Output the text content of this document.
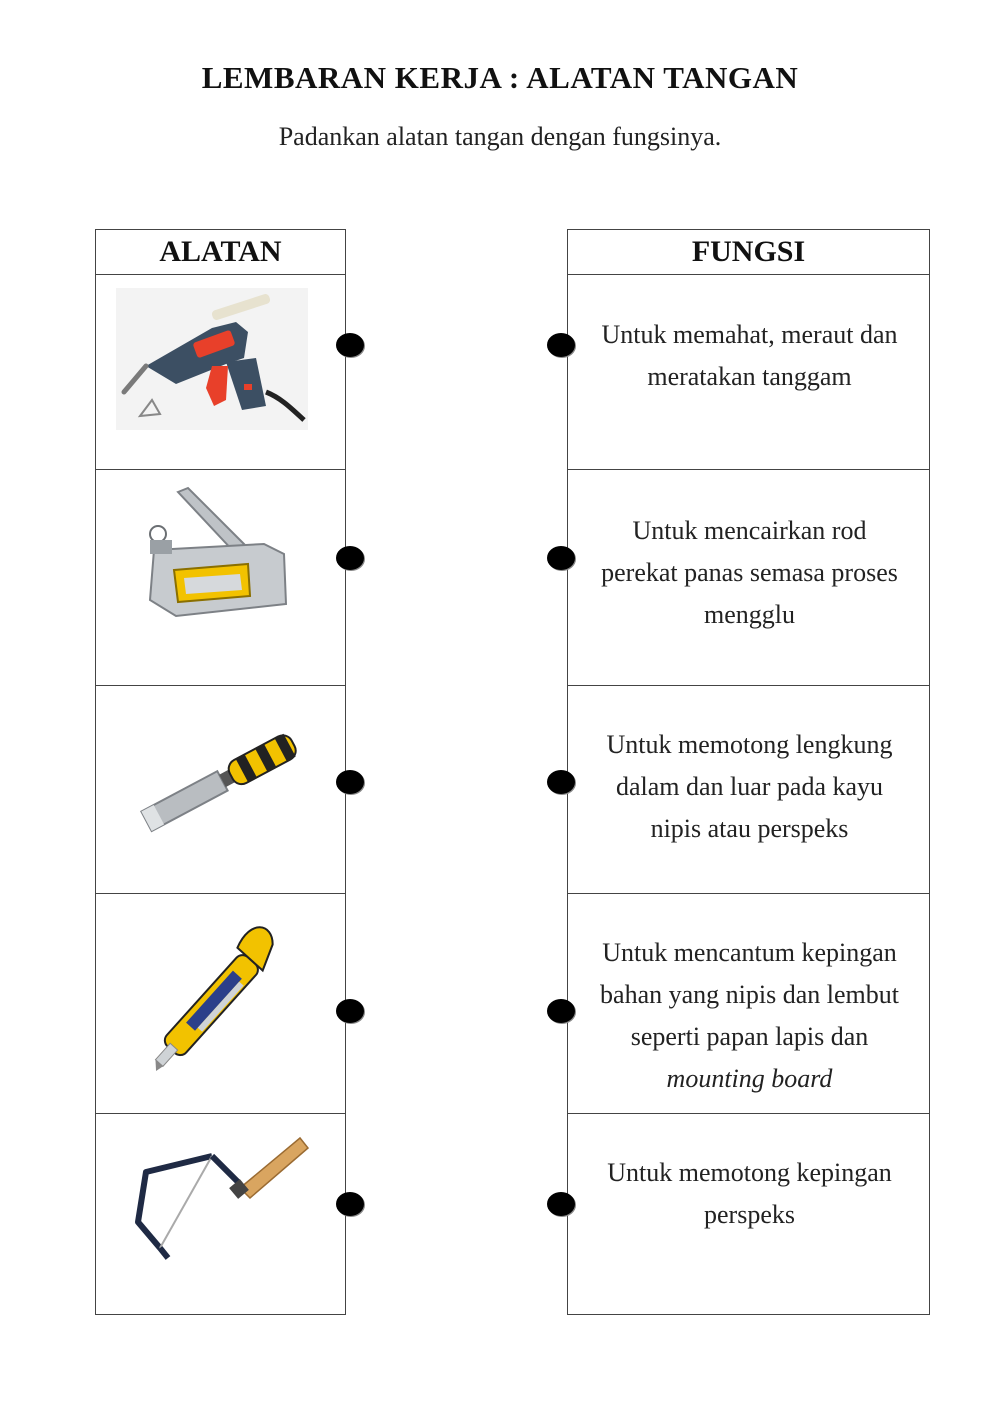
LEMBARAN KERJA : ALATAN TANGAN
Padankan alatan tangan dengan fungsinya.
ALATAN	FUNGSI
Untuk memahat, meraut dan
meratakan tanggam
Untuk mencairkan rod
perekat panas semasa proses
mengglu
Untuk memotong lengkung
dalam dan luar pada kayu
nipis atau perspeks
Untuk mencantum kepingan
bahan yang nipis dan lembut
seperti papan lapis dan
mounting board
Untuk memotong kepingan
perspeks
